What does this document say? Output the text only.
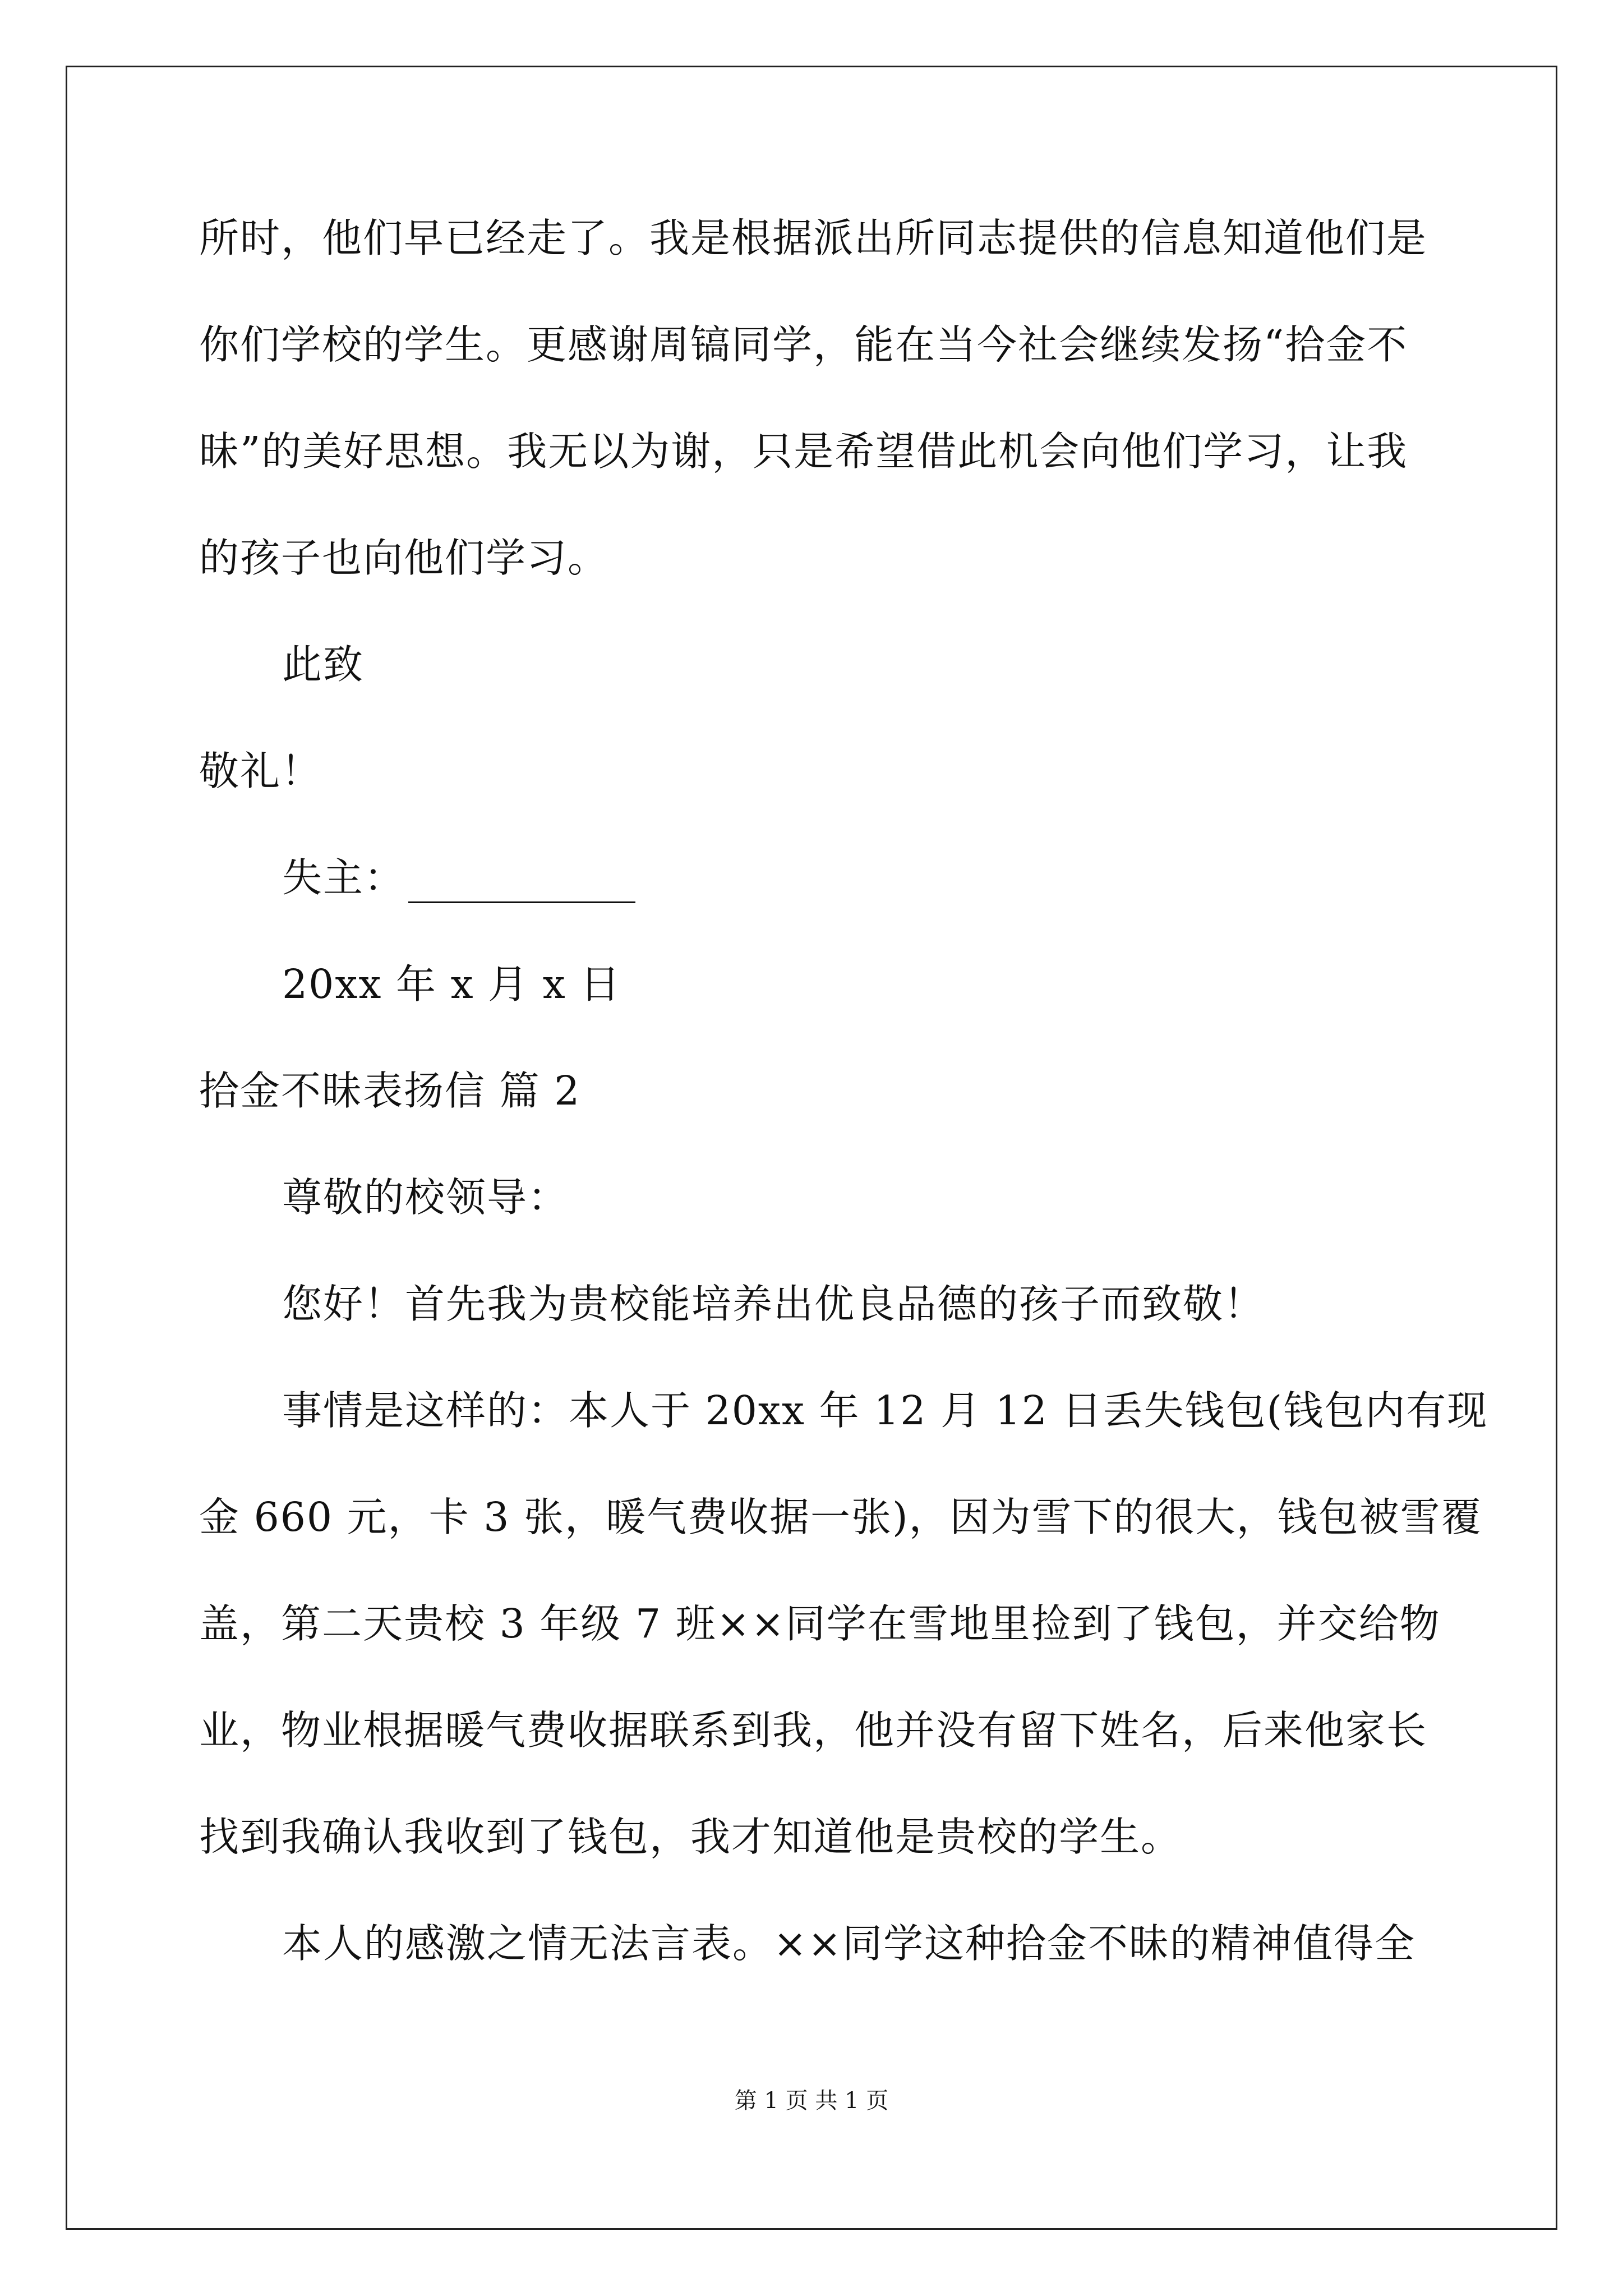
所时，他们早已经走了。我是根据派出所同志提供的信息知道他们是
你们学校的学生。更感谢周镐同学，能在当今社会继续发扬“拾金不
昧”的美好思想。我无以为谢，只是希望借此机会向他们学习，让我
的孩子也向他们学习。
此致
敬礼！
失主：
20xx 年 x 月 x 日
拾金不昧表扬信 篇 2
尊敬的校领导：
您好！首先我为贵校能培养出优良品德的孩子而致敬！
事情是这样的：本人于 20xx 年 12 月 12 日丢失钱包(钱包内有现
金 660 元，卡 3 张，暖气费收据一张)，因为雪下的很大，钱包被雪覆
盖，第二天贵校 3 年级 7 班××同学在雪地里捡到了钱包，并交给物
业，物业根据暖气费收据联系到我，他并没有留下姓名，后来他家长
找到我确认我收到了钱包，我才知道他是贵校的学生。
本人的感激之情无法言表。××同学这种拾金不昧的精神值得全
第 1 页 共 1 页
